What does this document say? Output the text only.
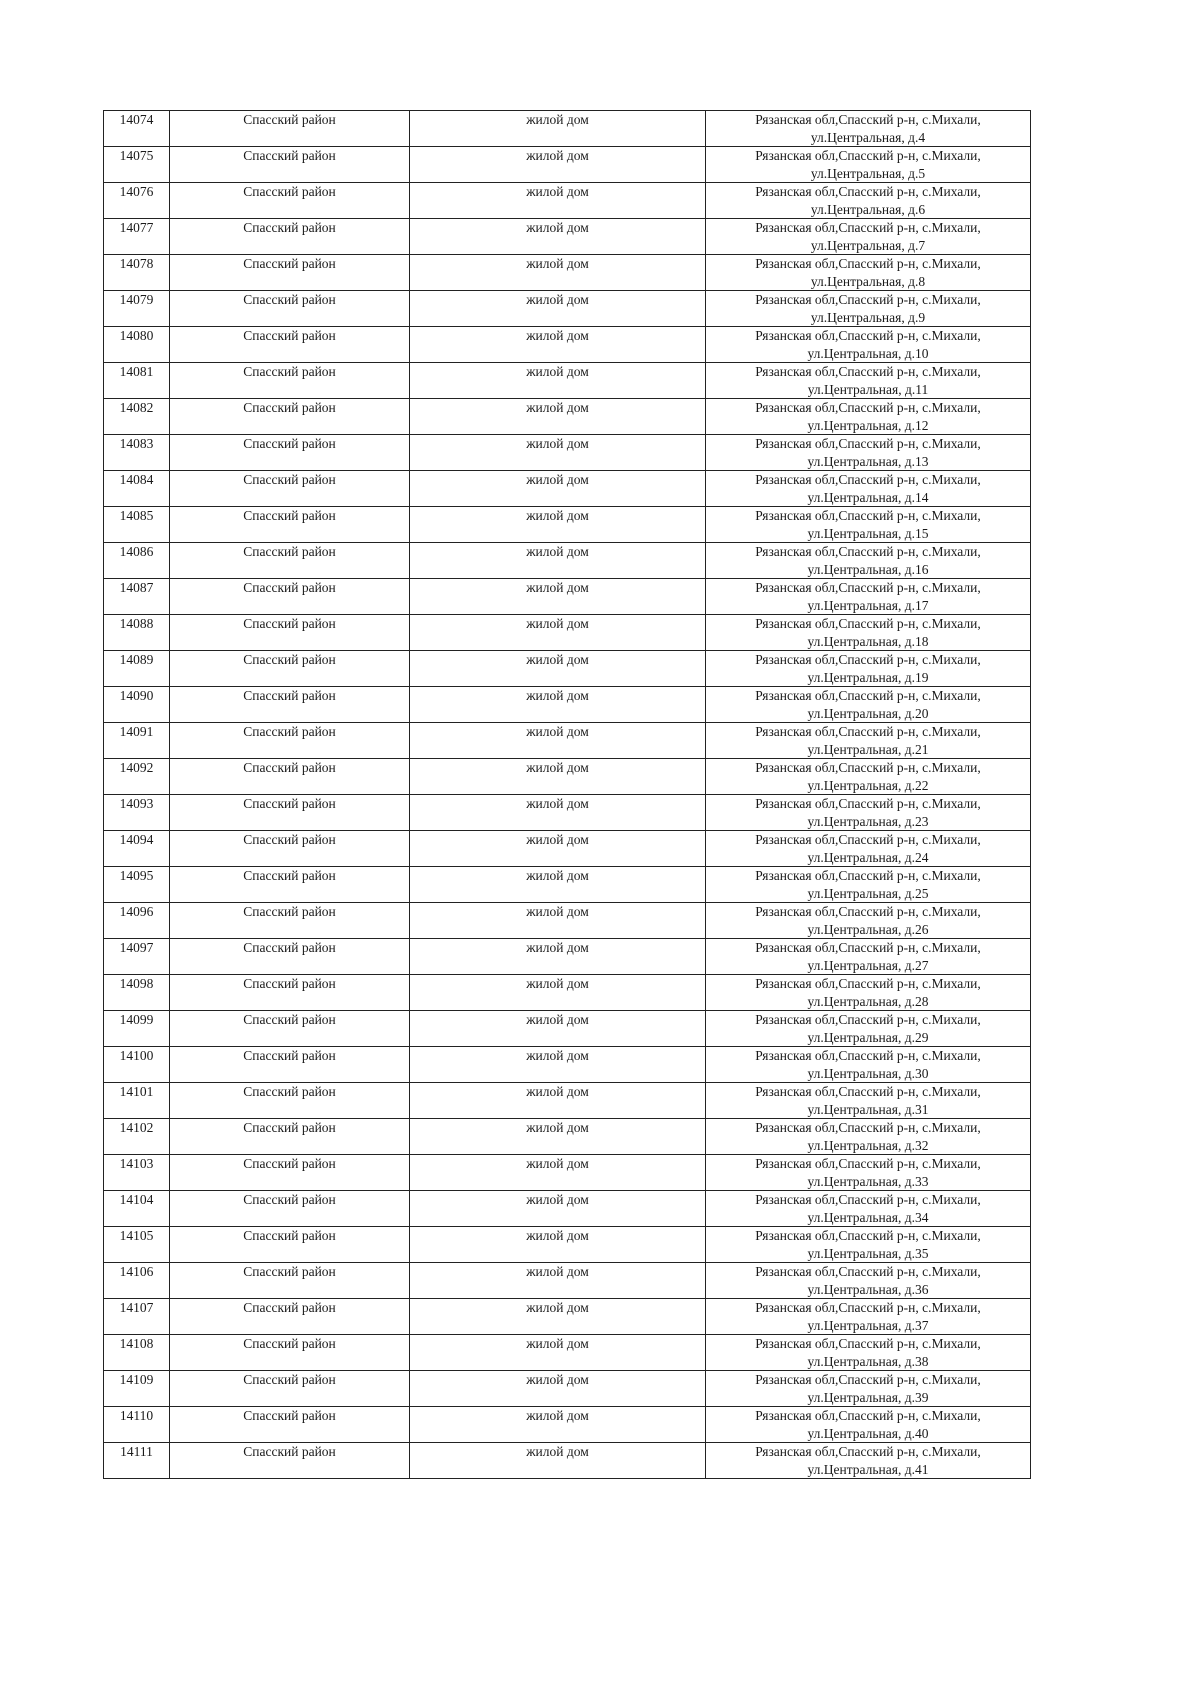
14074	Спасский район	жилой дом	Рязанская обл,Спасский р-н, с.Михали,
ул.Центральная, д.4

14075	Спасский район	жилой дом	Рязанская обл,Спасский р-н, с.Михали,
ул.Центральная, д.5

14076	Спасский район	жилой дом	Рязанская обл,Спасский р-н, с.Михали,
ул.Центральная, д.6

14077	Спасский район	жилой дом	Рязанская обл,Спасский р-н, с.Михали,
ул.Центральная, д.7

14078	Спасский район	жилой дом	Рязанская обл,Спасский р-н, с.Михали,
ул.Центральная, д.8

14079	Спасский район	жилой дом	Рязанская обл,Спасский р-н, с.Михали,
ул.Центральная, д.9

14080	Спасский район	жилой дом	Рязанская обл,Спасский р-н, с.Михали,
ул.Центральная, д.10

14081	Спасский район	жилой дом	Рязанская обл,Спасский р-н, с.Михали,
ул.Центральная, д.11

14082	Спасский район	жилой дом	Рязанская обл,Спасский р-н, с.Михали,
ул.Центральная, д.12

14083	Спасский район	жилой дом	Рязанская обл,Спасский р-н, с.Михали,
ул.Центральная, д.13

14084	Спасский район	жилой дом	Рязанская обл,Спасский р-н, с.Михали,
ул.Центральная, д.14

14085	Спасский район	жилой дом	Рязанская обл,Спасский р-н, с.Михали,
ул.Центральная, д.15

14086	Спасский район	жилой дом	Рязанская обл,Спасский р-н, с.Михали,
ул.Центральная, д.16

14087	Спасский район	жилой дом	Рязанская обл,Спасский р-н, с.Михали,
ул.Центральная, д.17

14088	Спасский район	жилой дом	Рязанская обл,Спасский р-н, с.Михали,
ул.Центральная, д.18

14089	Спасский район	жилой дом	Рязанская обл,Спасский р-н, с.Михали,
ул.Центральная, д.19

14090	Спасский район	жилой дом	Рязанская обл,Спасский р-н, с.Михали,
ул.Центральная, д.20

14091	Спасский район	жилой дом	Рязанская обл,Спасский р-н, с.Михали,
ул.Центральная, д.21

14092	Спасский район	жилой дом	Рязанская обл,Спасский р-н, с.Михали,
ул.Центральная, д.22

14093	Спасский район	жилой дом	Рязанская обл,Спасский р-н, с.Михали,
ул.Центральная, д.23

14094	Спасский район	жилой дом	Рязанская обл,Спасский р-н, с.Михали,
ул.Центральная, д.24

14095	Спасский район	жилой дом	Рязанская обл,Спасский р-н, с.Михали,
ул.Центральная, д.25

14096	Спасский район	жилой дом	Рязанская обл,Спасский р-н, с.Михали,
ул.Центральная, д.26

14097	Спасский район	жилой дом	Рязанская обл,Спасский р-н, с.Михали,
ул.Центральная, д.27

14098	Спасский район	жилой дом	Рязанская обл,Спасский р-н, с.Михали,
ул.Центральная, д.28

14099	Спасский район	жилой дом	Рязанская обл,Спасский р-н, с.Михали,
ул.Центральная, д.29

14100	Спасский район	жилой дом	Рязанская обл,Спасский р-н, с.Михали,
ул.Центральная, д.30

14101	Спасский район	жилой дом	Рязанская обл,Спасский р-н, с.Михали,
ул.Центральная, д.31

14102	Спасский район	жилой дом	Рязанская обл,Спасский р-н, с.Михали,
ул.Центральная, д.32

14103	Спасский район	жилой дом	Рязанская обл,Спасский р-н, с.Михали,
ул.Центральная, д.33

14104	Спасский район	жилой дом	Рязанская обл,Спасский р-н, с.Михали,
ул.Центральная, д.34

14105	Спасский район	жилой дом	Рязанская обл,Спасский р-н, с.Михали,
ул.Центральная, д.35

14106	Спасский район	жилой дом	Рязанская обл,Спасский р-н, с.Михали,
ул.Центральная, д.36

14107	Спасский район	жилой дом	Рязанская обл,Спасский р-н, с.Михали,
ул.Центральная, д.37

14108	Спасский район	жилой дом	Рязанская обл,Спасский р-н, с.Михали,
ул.Центральная, д.38

14109	Спасский район	жилой дом	Рязанская обл,Спасский р-н, с.Михали,
ул.Центральная, д.39

14110	Спасский район	жилой дом	Рязанская обл,Спасский р-н, с.Михали,
ул.Центральная, д.40

14111	Спасский район	жилой дом	Рязанская обл,Спасский р-н, с.Михали,
ул.Центральная, д.41
